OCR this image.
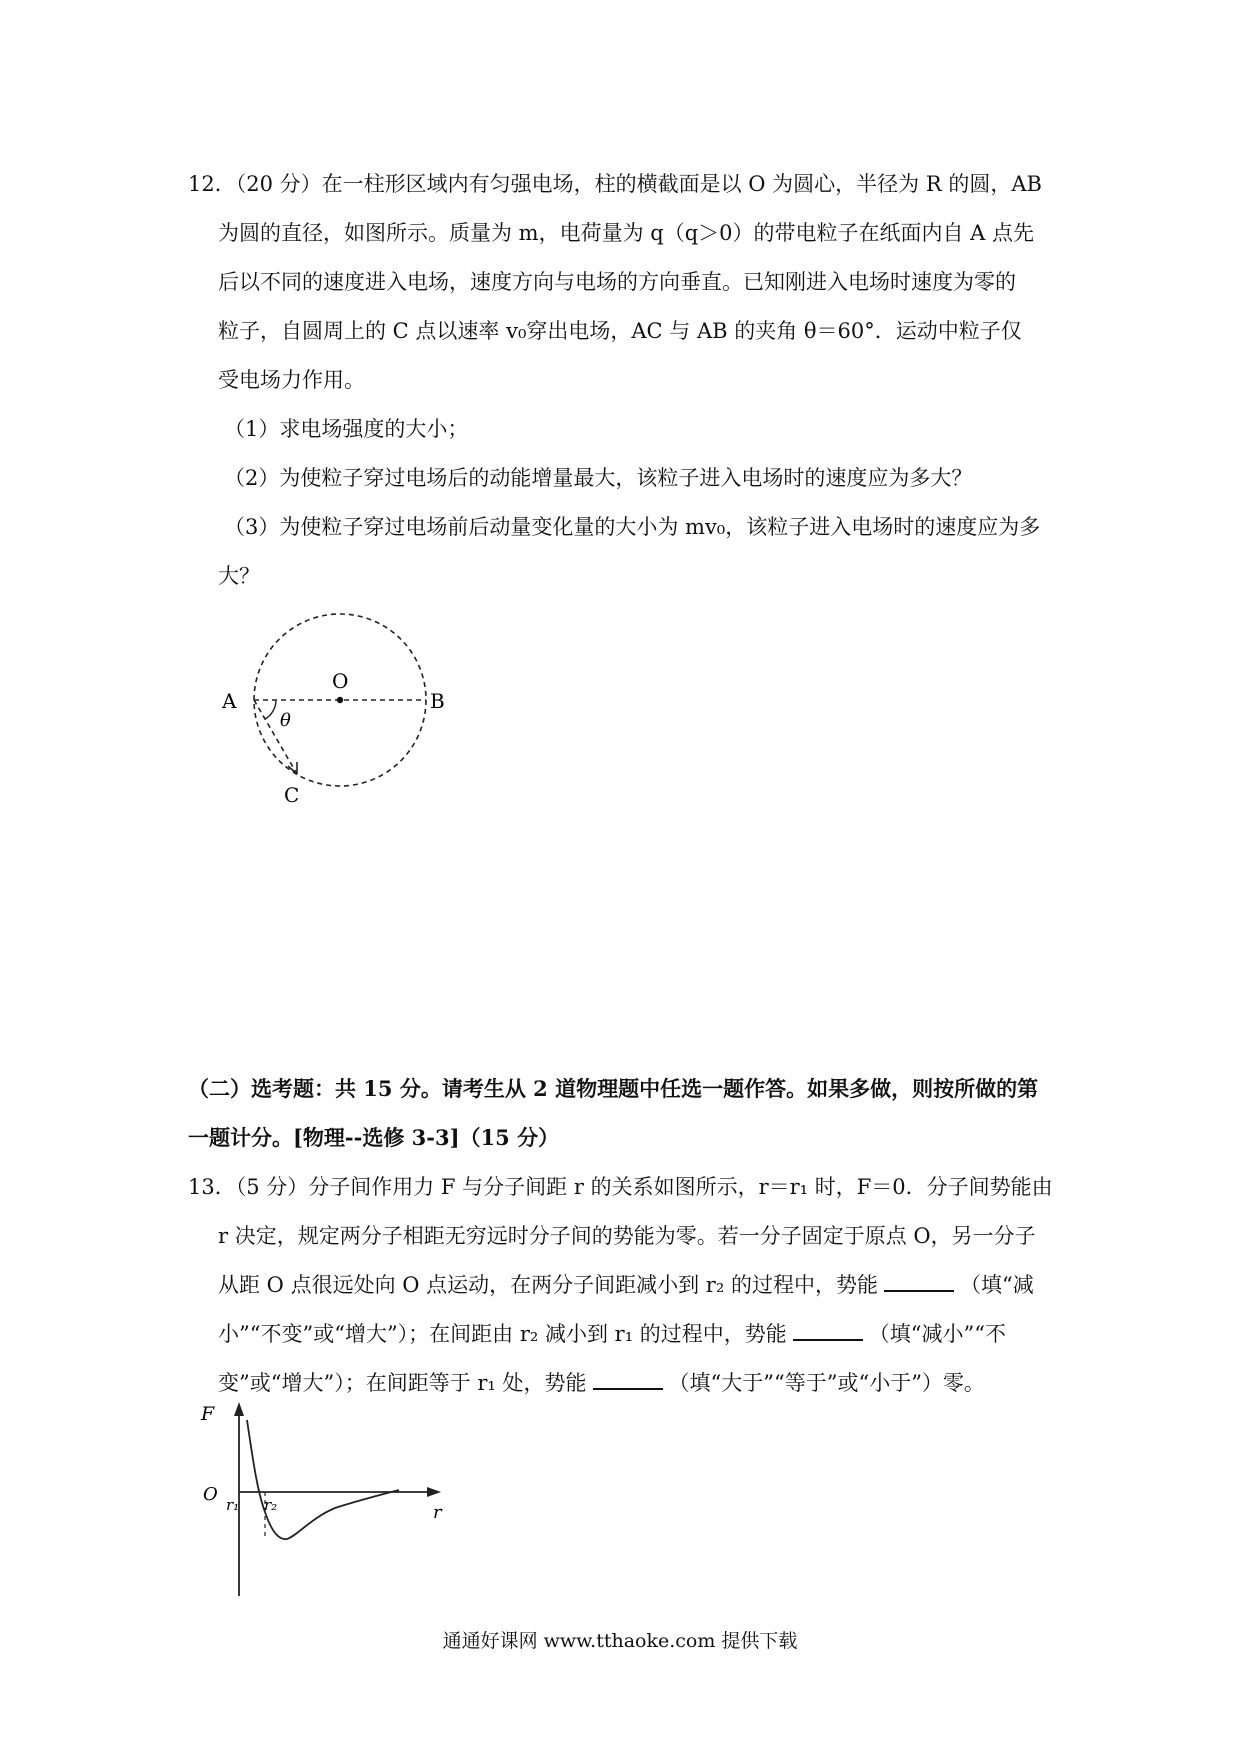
12．（20 分）在一柱形区域内有匀强电场，柱的横截面是以 O 为圆心，半径为 R 的圆，AB
为圆的直径，如图所示。质量为 m，电荷量为 q（q＞0）的带电粒子在纸面内自 A 点先
后以不同的速度进入电场，速度方向与电场的方向垂直。已知刚进入电场时速度为零的
粒子，自圆周上的 C 点以速率 v₀穿出电场，AC 与 AB 的夹角 θ＝60°．运动中粒子仅
受电场力作用。
（1）求电场强度的大小；
（2）为使粒子穿过电场后的动能增量最大，该粒子进入电场时的速度应为多大？
（3）为使粒子穿过电场前后动量变化量的大小为 mv₀，该粒子进入电场时的速度应为多
大？
A	B
O
C
θ
（二）选考题：共 15 分。请考生从 2 道物理题中任选一题作答。如果多做，则按所做的第
一题计分。[物理--选修 3-3]（15 分）
13．（5 分）分子间作用力 F 与分子间距 r 的关系如图所示，r＝r₁ 时，F＝0．分子间势能由
r 决定，规定两分子相距无穷远时分子间的势能为零。若一分子固定于原点 O，另一分子
从距 O 点很远处向 O 点运动，在两分子间距减小到 r₂ 的过程中，势能	（填“减
小”“不变”或“增大”）；在间距由 r₂ 减小到 r₁ 的过程中，势能	（填“减小”“不
变”或“增大”）；在间距等于 r₁ 处，势能	（填“大于”“等于”或“小于”）零。
F
O
r
r₁ r₂
通通好课网 www.tthaoke.com 提供下载
